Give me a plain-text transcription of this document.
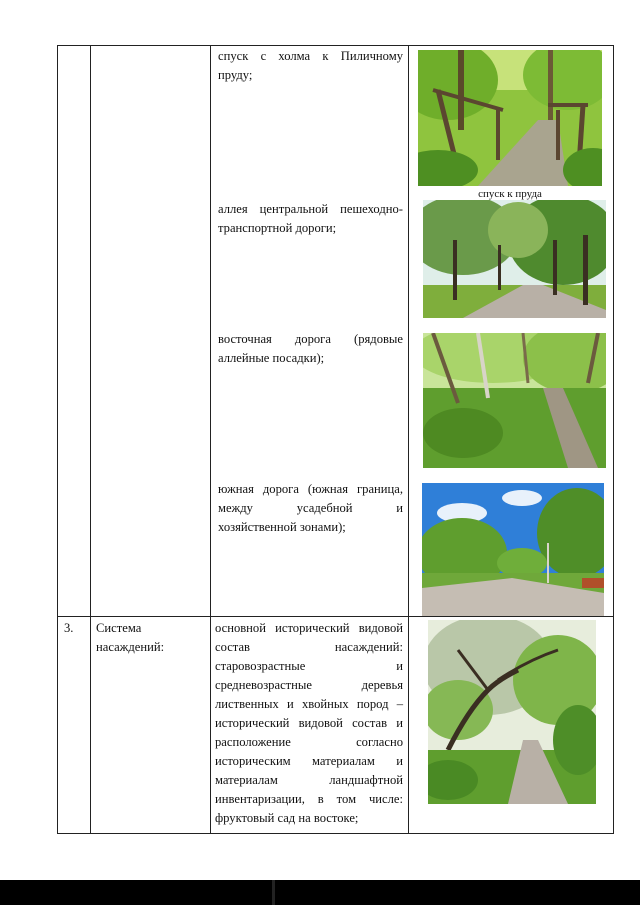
спуск с холма к Пиличному пруду;
аллея центральной пешеходно-транспортной дороги;
восточная дорога (рядовые аллейные посадки);
южная дорога (южная граница, между усадебной и хозяйственной зонами);
спуск к пруда
3.	Система насаждений:
основной исторический видовой состав насаждений: старовозрастные и средневозрастные деревья лиственных и хвойных пород – исторический видовой состав и расположение согласно историческим материалам и материалам ландшафтной инвентаризации, в том числе: фруктовый сад на востоке;
